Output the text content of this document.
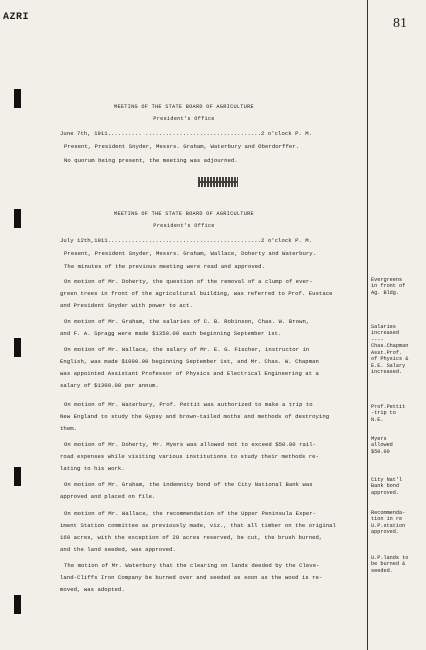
AZRI	81
MEETING OF THE STATE BOARD OF AGRICULTURE
President's Office
June 7th, 1911.......... ..................................2 o'clock P. M.
Present, President Snyder, Messrs. Graham, Waterbury and Oberdorffer.
No quorum being present, the meeting was adjourned.
MEETING OF THE STATE BOARD OF AGRICULTURE
President's Office
July 12th,1911.............................................2 o'clock P. M.
Present, President Snyder, Messrs. Graham, Wallace, Doherty and Waterbury.
The minutes of the previous meeting were read and approved.
On motion of Mr. Doherty, the question of the removal of a clump of ever-
green trees in front of the agricultural building, was referred to Prof. Eustace
and President Snyder with power to act.
On motion of Mr. Graham, the salaries of C. B. Robinson, Chas. W. Brown,
and F. A. Spragg were made $1350.00 each beginning September 1st.
On motion of Mr. Wallace, the salary of Mr. E. G. Fischer, instructor in
English, was made $1000.00 beginning September 1st, and Mr. Chas. W. Chapman
was appointed Assistant Professor of Physics and Electrical Engineering at a
salary of $1300.00 per annum.
On motion of Mr. Waterbury, Prof. Pettit was authorized to make a trip to
New England to study the Gypsy and brown-tailed moths and methods of destroying
them.
On motion of Mr. Doherty, Mr. Myers was allowed not to exceed $50.00 rail-
road expenses while visiting various institutions to study their methods re-
lating to his work.
On motion of Mr. Graham, the indemnity bond of the City National Bank was
approved and placed on file.
On motion of Mr. Wallace, the recommendation of the Upper Peninsula Exper-
iment Station committee as previously made, viz., that all timber on the original
160 acres, with the exception of 20 acres reserved, be cut, the brush burned,
and the land seeded, was approved.
The motion of Mr. Waterbury that the clearing on lands deeded by the Cleve-
land-Cliffs Iron Company be burned over and seeded as soon as the wood is re-
moved, was adopted.
Evergreens
in front of
Ag. Bldg.
Salaries
increased
----
Chas.Chapman
Asst.Prof.
of Physics &
E.E. Salary
increased.
Prof.Pettit
-trip to
N.E.
Myers
allowed
$50.00
City Nat'l
Bank bond
approved.
Recommenda-
tion in re
U.P.station
approved.
U.P.lands to
be burned &
seeded.
